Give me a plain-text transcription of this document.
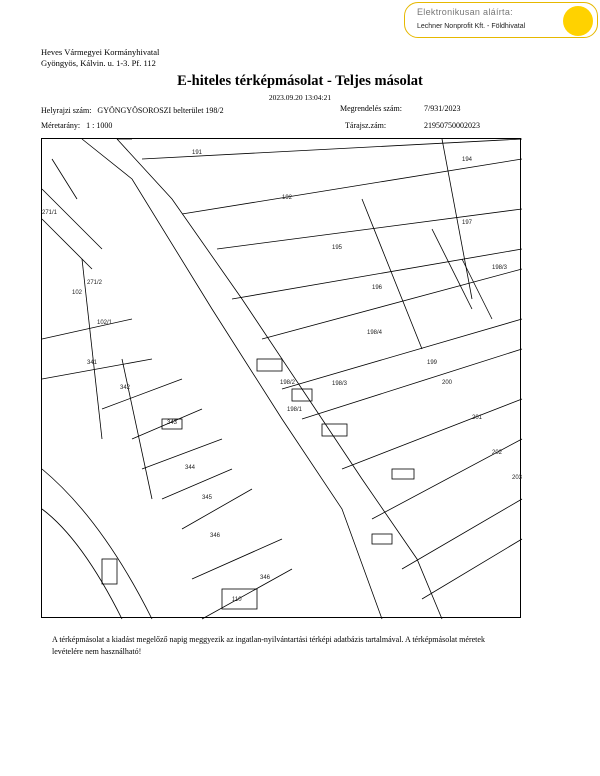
Elektronikusan aláírta:
Lechner Nonprofit Kft. - Földhivatal
Heves Vármegyei Kormányhivatal
Gyöngyös, Kálvin. u. 1-3. Pf. 112
E-hiteles térképmásolat - Teljes másolat
2023.09.20 13:04:21
Helyrajzi szám: GYÖNGYÖSOROSZI belterület 198/2	Megrendelés szám:	7/931/2023
Méretarány: 1 : 1000	Tárajsz.zám:	21950750002023
191
192
194
195
196
197
198/3
198/4
198/2	198/3
198/1
199
200
201
202
203
341
342
343
344
345
346
346
110
271/1
102
102/1
271/2
A térképmásolat a kiadást megelőző napig meggyezik az ingatlan-nyilvántartási térképi adatbázis tartalmával. A térképmásolat méretek levételére nem használható!
